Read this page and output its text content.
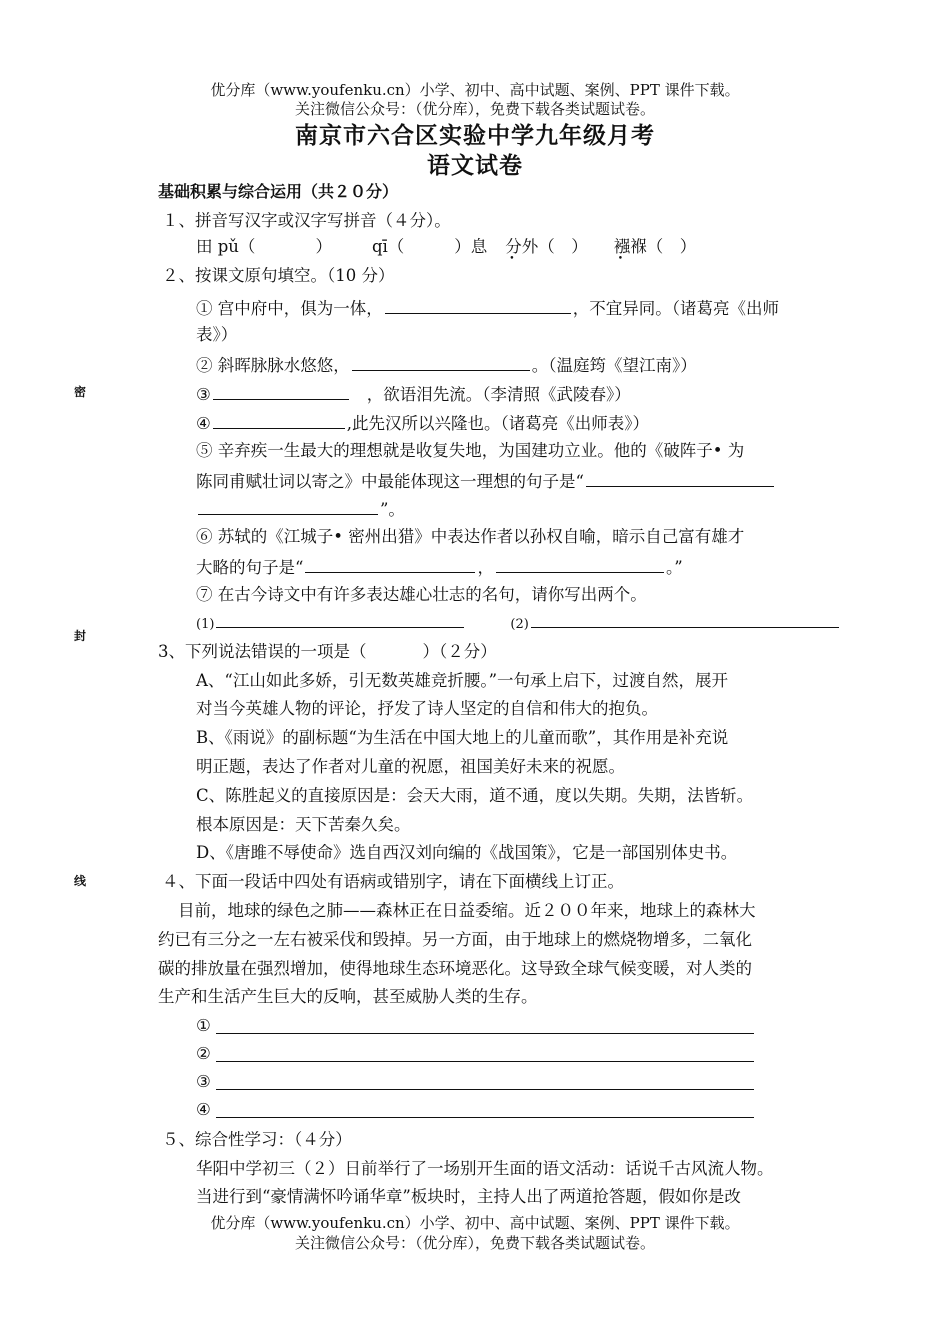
优分库（www.youfenku.cn）小学、初中、高中试题、案例、PPT 课件下载。
关注微信公众号：（优分库），免费下载各类试题试卷。
南京市六合区实验中学九年级月考
语文试卷
基础积累与综合运用（共２０分）
１、拼音写汉字或汉字写拼音（４分）。
田 pǔ（	） qī（	）息 分外（　） • 襁褓（　） •
２、按课文原句填空。（10 分）
① 宫中府中，俱为一体，	，不宜异同。（诸葛亮《出师
表》）
② 斜晖脉脉水悠悠，	。（温庭筠《望江南》）
③	，欲语泪先流。（李清照《武陵春》）
④	,此先汉所以兴隆也。（诸葛亮《出师表》）
⑤ 辛弃疾一生最大的理想就是收复失地，为国建功立业。他的《破阵子• 为
陈同甫赋壮词以寄之》中最能体现这一理想的句子是“
”。
⑥ 苏轼的《江城子• 密州出猎》中表达作者以孙权自喻，暗示自己富有雄才
大略的句子是“	，	。”
⑦ 在古今诗文中有许多表达雄心壮志的名句，请你写出两个。
(1)	(2)
3、下列说法错误的一项是（	）（２分）
A、“江山如此多娇，引无数英雄竞折腰。”一句承上启下，过渡自然，展开
对当今英雄人物的评论，抒发了诗人坚定的自信和伟大的抱负。
B、《雨说》的副标题“为生活在中国大地上的儿童而歌”，其作用是补充说
明正题，表达了作者对儿童的祝愿，祖国美好未来的祝愿。
C、陈胜起义的直接原因是：会天大雨，道不通，度以失期。失期，法皆斩。
根本原因是：天下苦秦久矣。
D、《唐雎不辱使命》选自西汉刘向编的《战国策》，它是一部国别体史书。
４、下面一段话中四处有语病或错别字，请在下面横线上订正。
目前，地球的绿色之肺——森林正在日益委缩。近２００年来，地球上的森林大
约已有三分之一左右被采伐和毁掉。另一方面，由于地球上的燃烧物增多，二氧化
碳的排放量在强烈增加，使得地球生态环境恶化。这导致全球气候变暖，对人类的
生产和生活产生巨大的反响，甚至威胁人类的生存。
①
②
③
④
５、综合性学习：（４分）
华阳中学初三（２）日前举行了一场别开生面的语文活动：话说千古风流人物。
当进行到“豪情满怀吟诵华章”板块时，主持人出了两道抢答题，假如你是改
优分库（www.youfenku.cn）小学、初中、高中试题、案例、PPT 课件下载。
关注微信公众号：（优分库），免费下载各类试题试卷。
密
封
线
